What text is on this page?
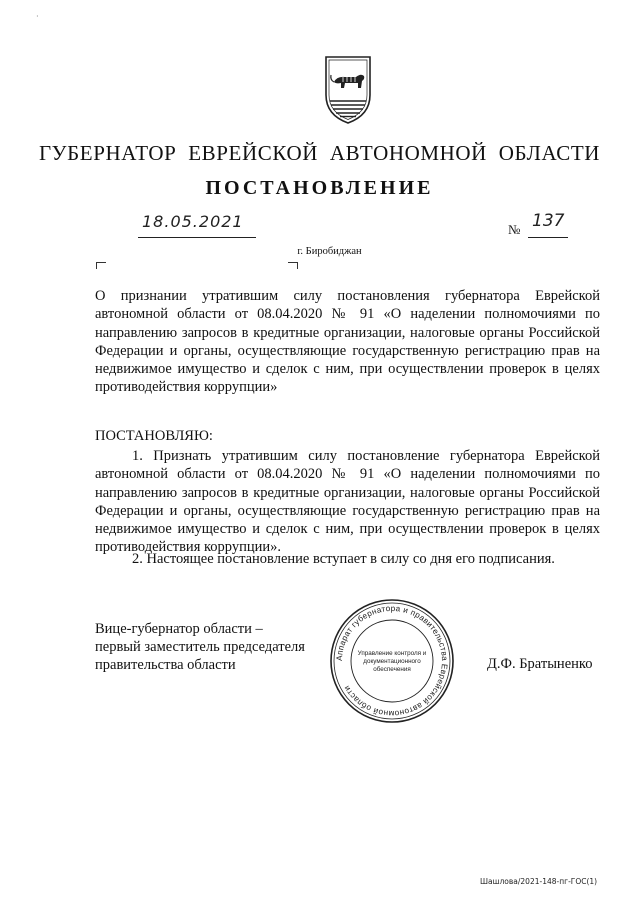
·
ГУБЕРНАТОР ЕВРЕЙСКОЙ АВТОНОМНОЙ ОБЛАСТИ
ПОСТАНОВЛЕНИЕ
18.05.2021	№ 137
г. Биробиджан
О признании утратившим силу постановления губернатора Еврейской автономной области от 08.04.2020 № 91 «О наделении полномочиями по направлению запросов в кредитные организации, налоговые органы Российской Федерации и органы, осуществляющие государственную регистрацию прав на недвижимое имущество и сделок с ним, при осуществлении проверок в целях противодействия коррупции»
ПОСТАНОВЛЯЮ:
1. Признать утратившим силу постановление губернатора Еврейской автономной области от 08.04.2020 № 91 «О наделении полномочиями по направлению запросов в кредитные организации, налоговые органы Российской Федерации и органы, осуществляющие государственную регистрацию прав на недвижимое имущество и сделок с ним, при осуществлении проверок в целях противодействия коррупции».
2. Настоящее постановление вступает в силу со дня его подписания.
Вице-губернатор области –
первый заместитель председателя
правительства области	Аппарат губернатора и правительства Еврейской автономной области
Управление контроля и
документационного
обеспечения	Д.Ф. Братыненко
Шашлова/2021-148-пг-ГОС(1)
